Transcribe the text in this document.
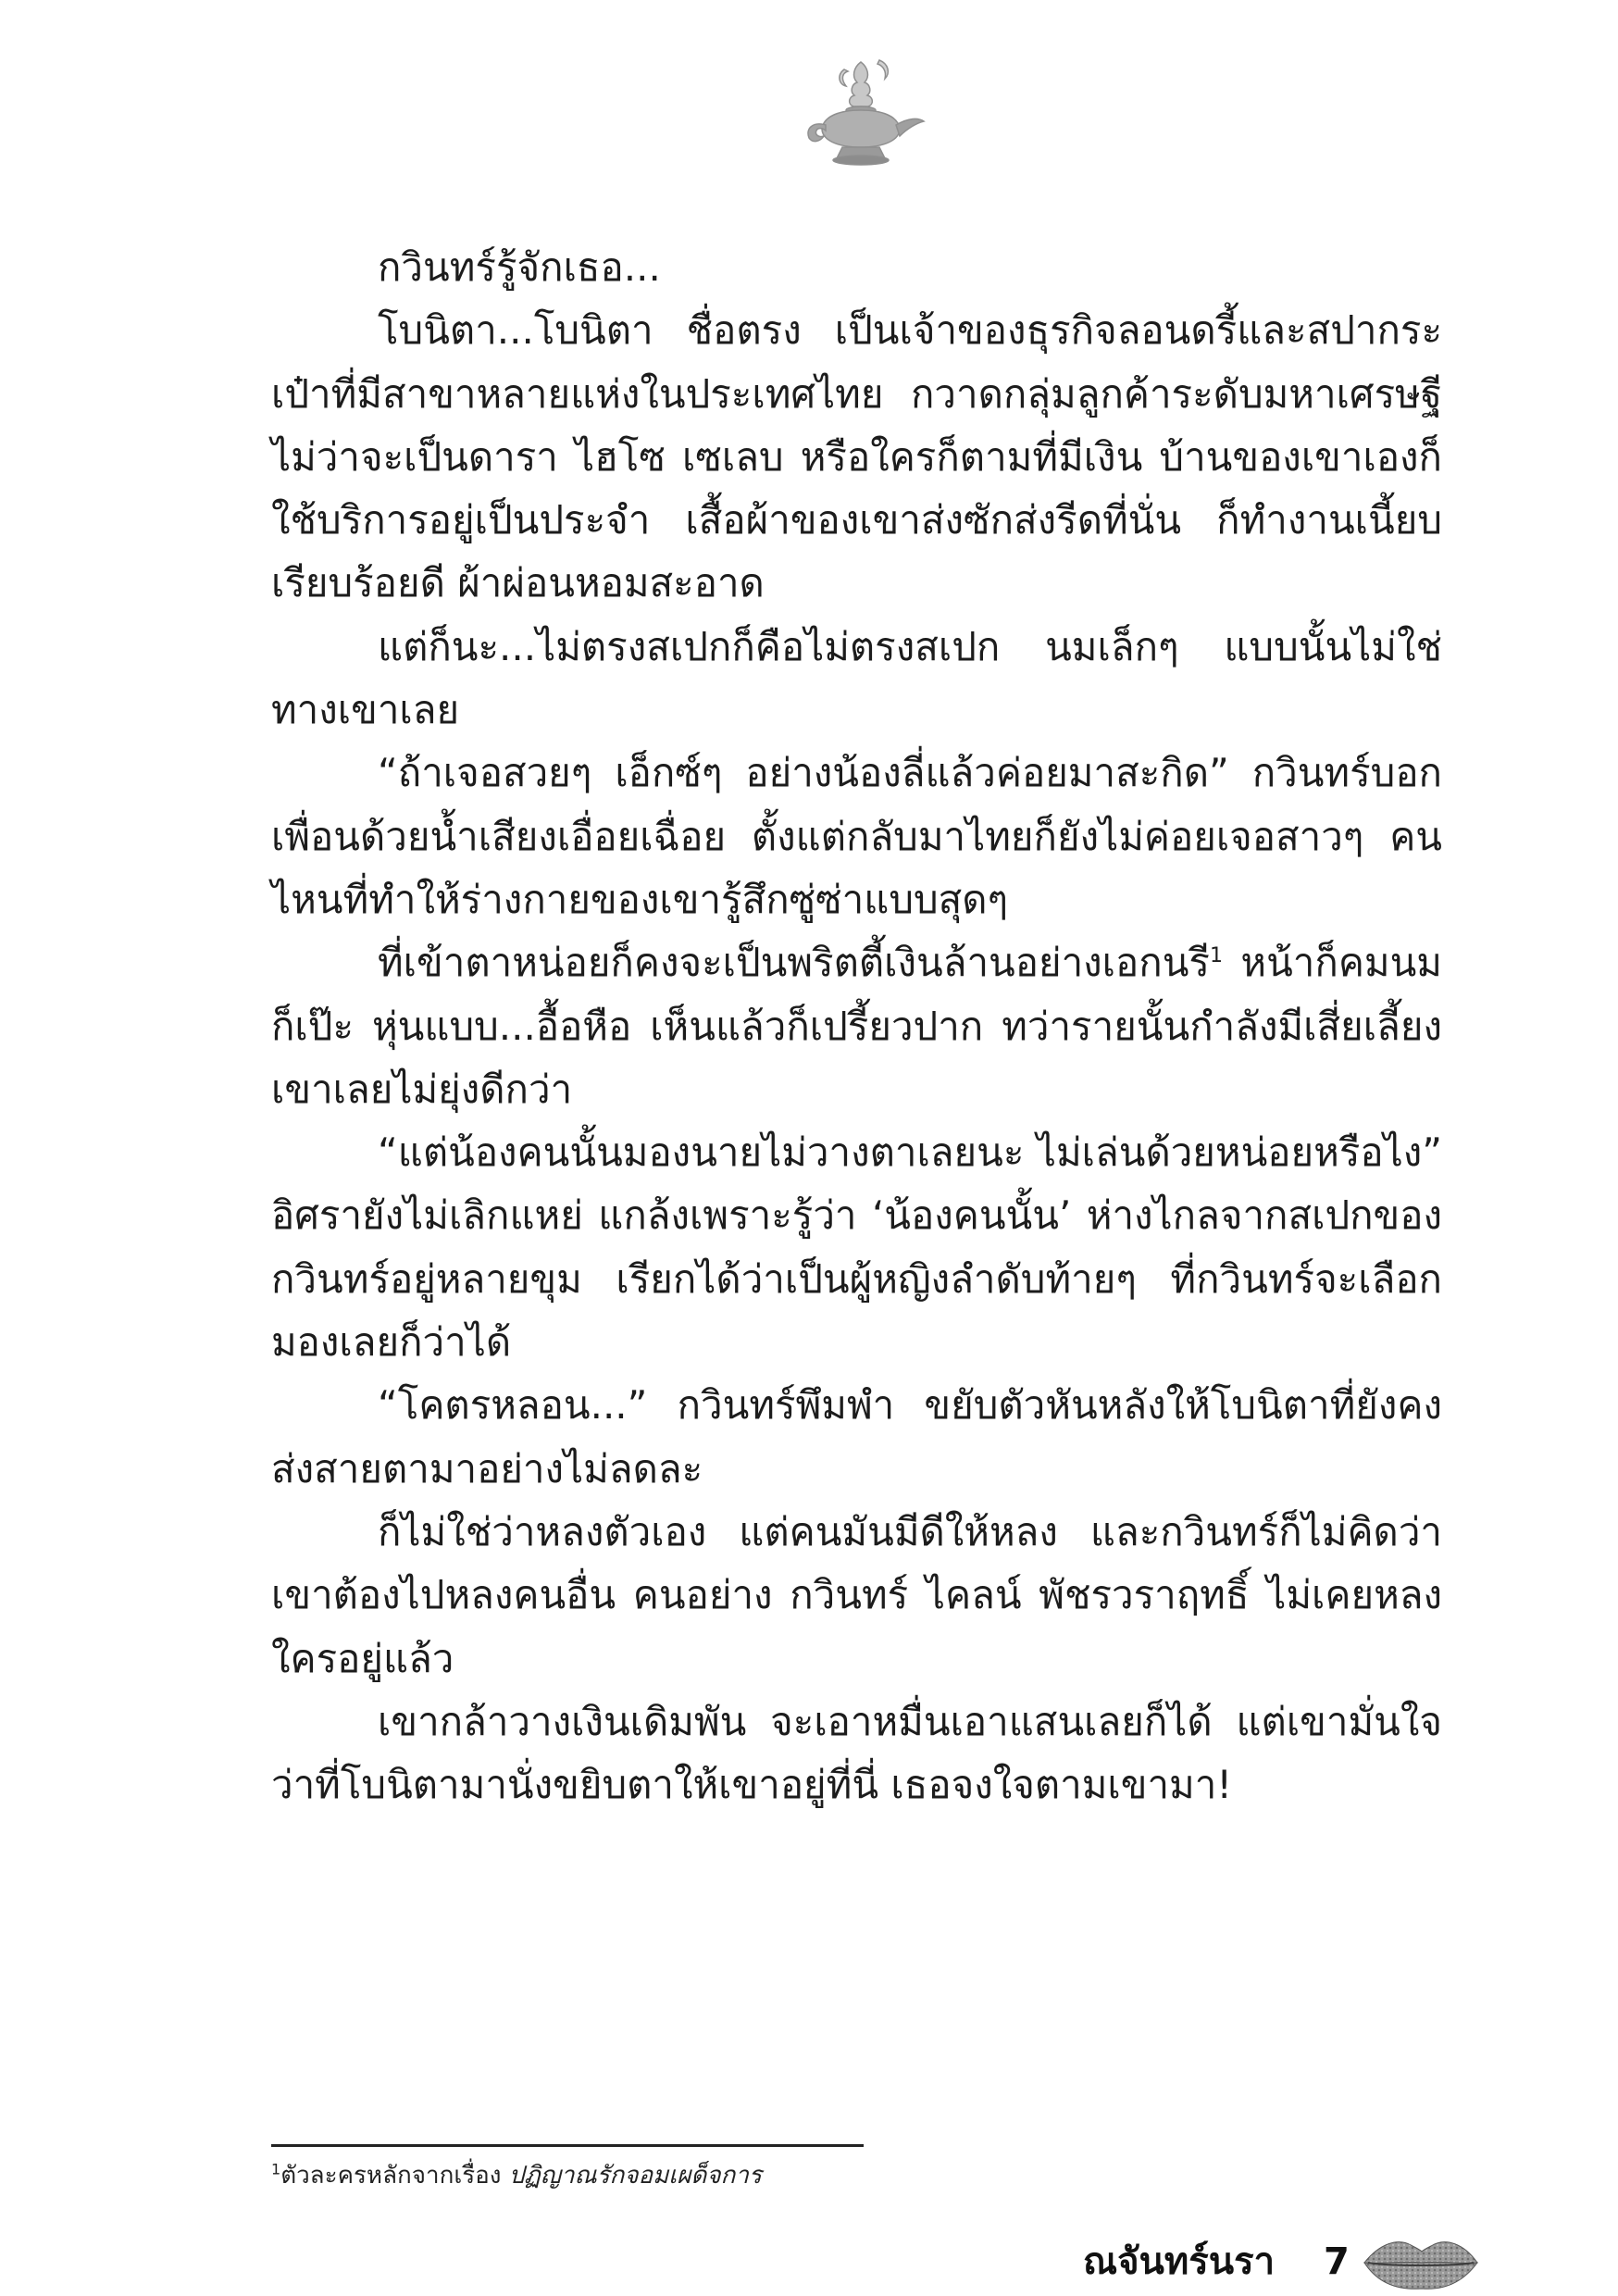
กวินทร์รู้จักเธอ...

โบนิตา...โบนิตา ชื่อตรง เป็นเจ้าของธุรกิจลอนดรี้และสปากระเป๋าที่มีสาขาหลายแห่งในประเทศไทย กวาดกลุ่มลูกค้าระดับมหาเศรษฐีไม่ว่าจะเป็นดารา ไฮโซ เซเลบ หรือใครก็ตามที่มีเงิน บ้านของเขาเองก็ใช้บริการอยู่เป็นประจำ เสื้อผ้าของเขาส่งซักส่งรีดที่นั่น ก็ทำงานเนี้ยบเรียบร้อยดี ผ้าผ่อนหอมสะอาด

แต่ก็นะ...ไม่ตรงสเปกก็คือไม่ตรงสเปก นมเล็กๆ แบบนั้นไม่ใช่ทางเขาเลย

“ถ้าเจอสวยๆ เอ็กซ์ๆ อย่างน้องลี่แล้วค่อยมาสะกิด” กวินทร์บอกเพื่อนด้วยน้ำเสียงเอื่อยเฉื่อย ตั้งแต่กลับมาไทยก็ยังไม่ค่อยเจอสาวๆ คนไหนที่ทำให้ร่างกายของเขารู้สึกซู่ซ่าแบบสุดๆ

ที่เข้าตาหน่อยก็คงจะเป็นพริตตี้เงินล้านอย่างเอกนรี$^1$ หน้าก็คมนมก็เป๊ะ หุ่นแบบ...อื้อหือ เห็นแล้วก็เปรี้ยวปาก ทว่ารายนั้นกำลังมีเสี่ยเลี้ยง เขาเลยไม่ยุ่งดีกว่า

“แต่น้องคนนั้นมองนายไม่วางตาเลยนะ ไม่เล่นด้วยหน่อยหรือไง” อิศรายังไม่เลิกแหย่ แกล้งเพราะรู้ว่า ‘น้องคนนั้น’ ห่างไกลจากสเปกของกวินทร์อยู่หลายขุม เรียกได้ว่าเป็นผู้หญิงลำดับท้ายๆ ที่กวินทร์จะเลือกมองเลยก็ว่าได้

“โคตรหลอน...” กวินทร์พึมพำ ขยับตัวหันหลังให้โบนิตาที่ยังคงส่งสายตามาอย่างไม่ลดละ

ก็ไม่ใช่ว่าหลงตัวเอง แต่คนมันมีดีให้หลง และกวินทร์ก็ไม่คิดว่าเขาต้องไปหลงคนอื่น คนอย่าง กวินทร์ ไคลน์ พัชรวราฤทธิ์ ไม่เคยหลงใครอยู่แล้ว

เขากล้าวางเงินเดิมพัน จะเอาหมื่นเอาแสนเลยก็ได้ แต่เขามั่นใจว่าที่โบนิตามานั่งขยิบตาให้เขาอยู่ที่นี่ เธอจงใจตามเขามา!

$^1$ตัวละครหลักจากเรื่อง ปฏิญาณรักจอมเผด็จการ
ณจันทร์นรา 7
